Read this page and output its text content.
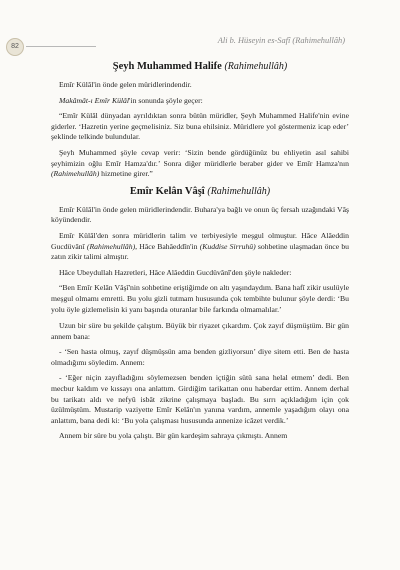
82
Ali b. Hüseyin es-Safî (Rahimehullâh)
Şeyh Muhammed Halife (Rahimehullâh)

Emîr Külâl'in önde gelen müridlerindendir.

Makâmât-ı Emîr Külâl'in sonunda şöyle geçer:

“Emîr Külâl dünyadan ayrıldıktan sonra bütün müridler, Şeyh Muhammed Halife'nin evine giderler. ‘Hazretin yerine geçmelisiniz. Siz buna ehilsiniz. Müridlere yol göstermeniz icap eder’ şeklinde telkinde bulundular.

Şeyh Muhammed şöyle cevap verir: ‘Sizin bende gördüğünüz bu ehliyetin asıl sahibi şeyhimizin oğlu Emîr Hamza'dır.’ Sonra diğer müridlerle beraber gider ve Emîr Hamza'nın (Rahimehullâh) hizmetine girer.”

Emîr Kelân Vâşî (Rahimehullâh)

Emîr Külâl'in önde gelen müridlerindendir. Buhara'ya bağlı ve onun üç fersah uzağındaki Vâş köyündendir.

Emîr Külâl'den sonra müridlerin talim ve terbiyesiyle meşgul olmuştur. Hâce Alâeddin Gucdüvânî (Rahimehullâh), Hâce Bahâeddîn'in (Kuddise Sirruhû) sohbetine ulaşmadan önce bu zatın zikir talimi almıştır.

Hâce Ubeydullah Hazretleri, Hâce Alâeddin Gucdüvânî'den şöyle nakleder:

“Ben Emîr Kelân Vâşî'nin sohbetine eriştiğimde on altı yaşındaydım. Bana hafî zikir usulüyle meşgul olmamı emretti. Bu yolu gizli tutmam hususunda çok tembihte bulunur şöyle derdi: ‘Bu yolu öyle gizlemelisin ki yanı başında oturanlar bile farkında olmamalılar.’

Uzun bir süre bu şekilde çalıştım. Büyük bir riyazet çıkardım. Çok zayıf düşmüştüm. Bir gün annem bana:

- ‘Sen hasta olmuş, zayıf düşmüşsün ama benden gizliyorsun’ diye sitem etti. Ben de hasta olmadığımı söyledim. Annem:

- ‘Eğer niçin zayıfladığını söylemezsen benden içtiğin sütü sana helal etmem’ dedi. Ben mecbur kaldım ve kıssayı ona anlattım. Girdiğim tarikattan onu haberdar ettim. Annem derhal bu tarikatı aldı ve nefyû isbât zikrine çalışmaya başladı. Bu sırrı açıkladığım için çok üzülmüştüm. Mustarip vaziyette Emîr Kelân'ın yanına vardım, annemle yaşadığım olayı ona anlattım, bana dedi ki: ‘Bu yola çalışması hususunda annenize icâzet verdik.’

Annem bir süre bu yola çalıştı. Bir gün kardeşim sahraya çıkmıştı. Annem
